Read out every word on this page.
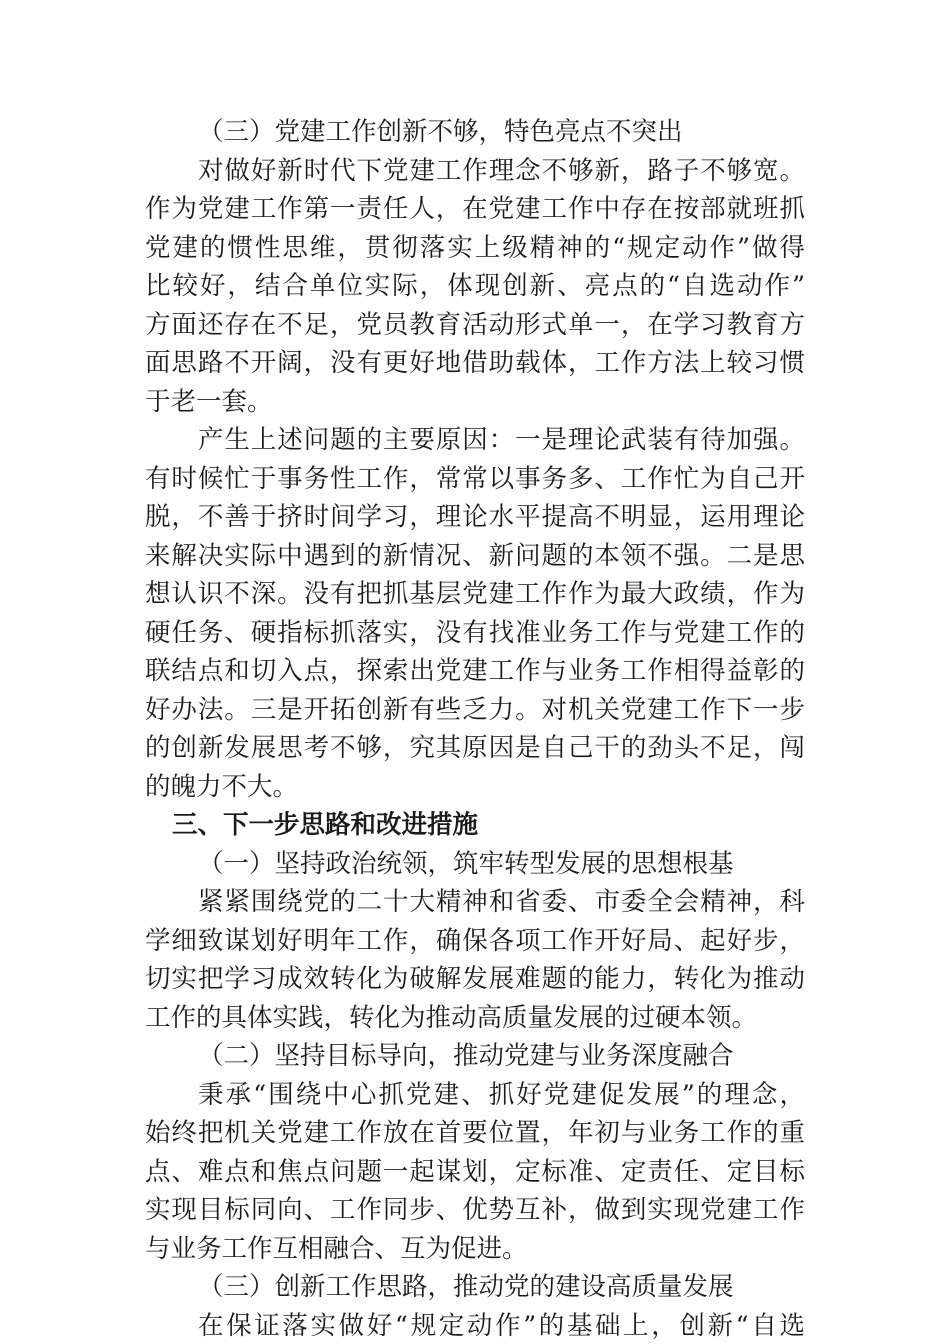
（三）党建工作创新不够，特色亮点不突出
对做好新时代下党建工作理念不够新，路子不够宽。
作为党建工作第一责任人，在党建工作中存在按部就班抓
党建的惯性思维，贯彻落实上级精神的“规定动作”做得
比较好，结合单位实际，体现创新、亮点的“自选动作”
方面还存在不足，党员教育活动形式单一，在学习教育方
面思路不开阔，没有更好地借助载体，工作方法上较习惯
于老一套。
产生上述问题的主要原因：一是理论武装有待加强。
有时候忙于事务性工作，常常以事务多、工作忙为自己开
脱，不善于挤时间学习，理论水平提高不明显，运用理论
来解决实际中遇到的新情况、新问题的本领不强。二是思
想认识不深。没有把抓基层党建工作作为最大政绩，作为
硬任务、硬指标抓落实，没有找准业务工作与党建工作的
联结点和切入点，探索出党建工作与业务工作相得益彰的
好办法。三是开拓创新有些乏力。对机关党建工作下一步
的创新发展思考不够，究其原因是自己干的劲头不足，闯
的魄力不大。
三、下一步思路和改进措施
（一）坚持政治统领，筑牢转型发展的思想根基
紧紧围绕党的二十大精神和省委、市委全会精神，科
学细致谋划好明年工作，确保各项工作开好局、起好步，
切实把学习成效转化为破解发展难题的能力，转化为推动
工作的具体实践，转化为推动高质量发展的过硬本领。
（二）坚持目标导向，推动党建与业务深度融合
秉承“围绕中心抓党建、抓好党建促发展”的理念，
始终把机关党建工作放在首要位置，年初与业务工作的重
点、难点和焦点问题一起谋划，定标准、定责任、定目标
实现目标同向、工作同步、优势互补，做到实现党建工作
与业务工作互相融合、互为促进。
（三）创新工作思路，推动党的建设高质量发展
在保证落实做好“规定动作”的基础上，创新“自选
